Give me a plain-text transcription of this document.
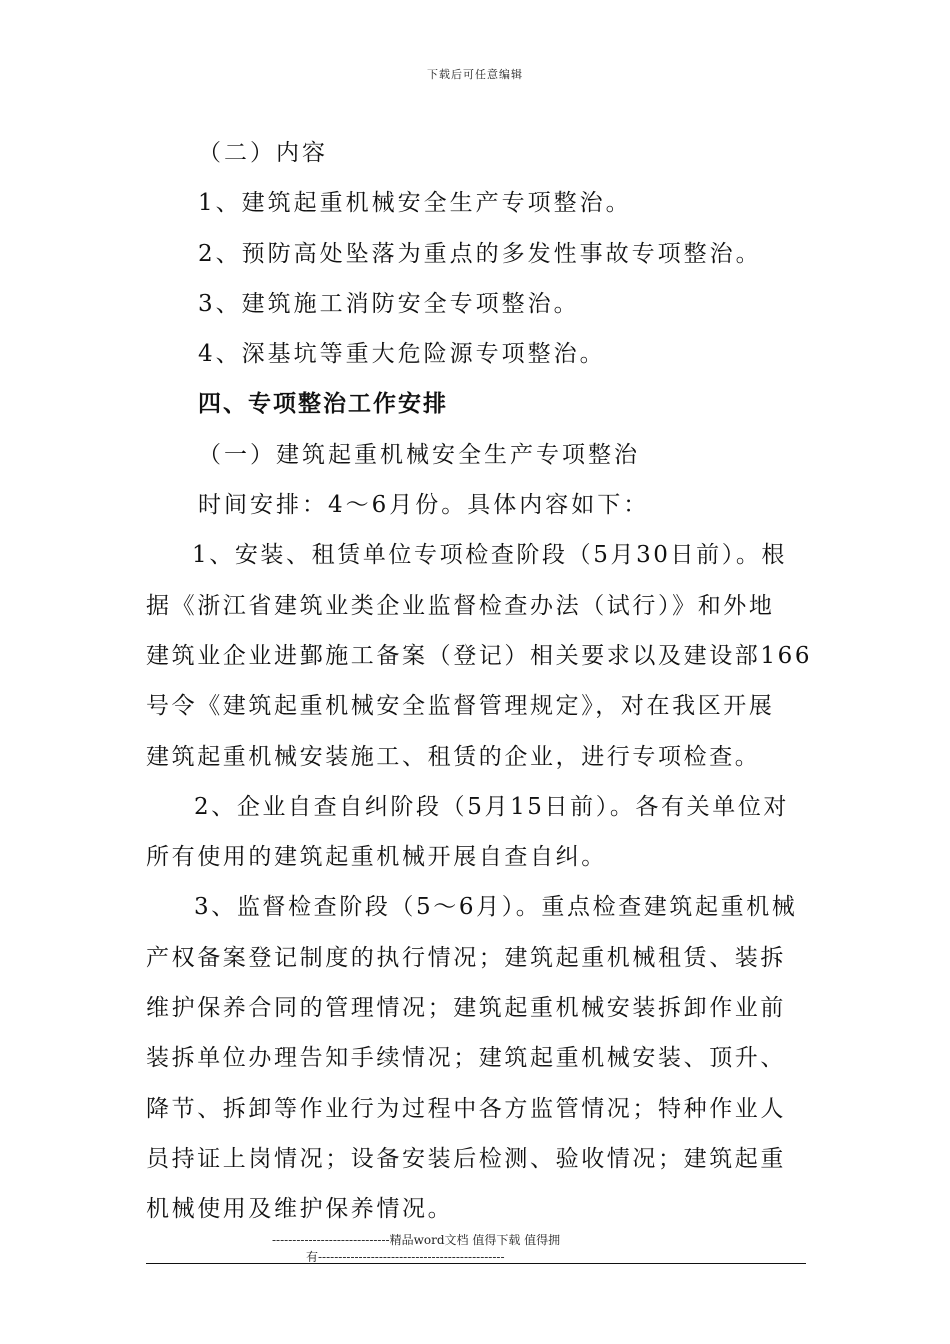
下载后可任意编辑
（二）内容
1、建筑起重机械安全生产专项整治。
2、预防高处坠落为重点的多发性事故专项整治。
3、建筑施工消防安全专项整治。
4、深基坑等重大危险源专项整治。
四、专项整治工作安排
（一）建筑起重机械安全生产专项整治
时间安排：4～6月份。具体内容如下：
1、安装、租赁单位专项检查阶段（5月30日前）。根
据《浙江省建筑业类企业监督检查办法（试行）》和外地
建筑业企业进鄞施工备案（登记）相关要求以及建设部166
号令《建筑起重机械安全监督管理规定》，对在我区开展
建筑起重机械安装施工、租赁的企业，进行专项检查。
2、企业自查自纠阶段（5月15日前）。各有关单位对
所有使用的建筑起重机械开展自查自纠。
3、监督检查阶段（5～6月）。重点检查建筑起重机械
产权备案登记制度的执行情况；建筑起重机械租赁、装拆
维护保养合同的管理情况；建筑起重机械安装拆卸作业前
装拆单位办理告知手续情况；建筑起重机械安装、顶升、
降节、拆卸等作业行为过程中各方监管情况；特种作业人
员持证上岗情况；设备安装后检测、验收情况；建筑起重
机械使用及维护保养情况。
-----------------------------精品word文档 值得下载 值得拥
有----------------------------------------------
